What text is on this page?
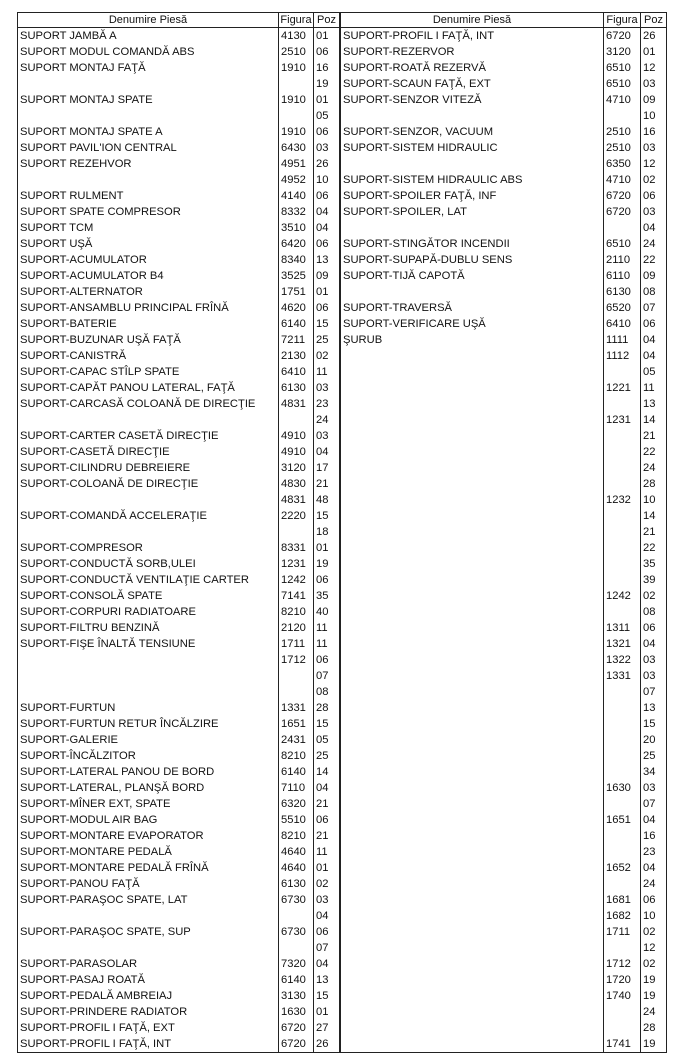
Denumire Piesă	Figura	Poz
SUPORT JAMBĂ A	4130	01
SUPORT MODUL COMANDĂ ABS	2510	06
SUPORT MONTAJ FAŢĂ	1910	16
		19
SUPORT MONTAJ SPATE	1910	01
		05
SUPORT MONTAJ SPATE A	1910	06
SUPORT PAVIL'ION CENTRAL	6430	03
SUPORT REZEHVOR	4951	26
	4952	10
SUPORT RULMENT	4140	06
SUPORT SPATE COMPRESOR	8332	04
SUPORT TCM	3510	04
SUPORT UŞĂ	6420	06
SUPORT-ACUMULATOR	8340	13
SUPORT-ACUMULATOR B4	3525	09
SUPORT-ALTERNATOR	1751	01
SUPORT-ANSAMBLU PRINCIPAL FRÎNĂ	4620	06
SUPORT-BATERIE	6140	15
SUPORT-BUZUNAR UŞĂ FAŢĂ	7211	25
SUPORT-CANISTRĂ	2130	02
SUPORT-CAPAC STÎLP SPATE	6410	11
SUPORT-CAPĂT PANOU LATERAL, FAŢĂ	6130	03
SUPORT-CARCASĂ COLOANĂ DE DIRECŢIE	4831	23
		24
SUPORT-CARTER CASETĂ DIRECŢIE	4910	03
SUPORT-CASETĂ DIRECŢIE	4910	04
SUPORT-CILINDRU DEBREIERE	3120	17
SUPORT-COLOANĂ DE DIRECŢIE	4830	21
	4831	48
SUPORT-COMANDĂ ACCELERAŢIE	2220	15
		18
SUPORT-COMPRESOR	8331	01
SUPORT-CONDUCTĂ SORB,ULEI	1231	19
SUPORT-CONDUCTĂ VENTILAŢIE CARTER	1242	06
SUPORT-CONSOLĂ SPATE	7141	35
SUPORT-CORPURI RADIATOARE	8210	40
SUPORT-FILTRU BENZINĂ	2120	11
SUPORT-FIŞE ÎNALTĂ TENSIUNE	1711	11
	1712	06
		07
		08
SUPORT-FURTUN	1331	28
SUPORT-FURTUN RETUR ÎNCĂLZIRE	1651	15
SUPORT-GALERIE	2431	05
SUPORT-ÎNCĂLZITOR	8210	25
SUPORT-LATERAL PANOU DE BORD	6140	14
SUPORT-LATERAL, PLANŞĂ BORD	7110	04
SUPORT-MÎNER EXT, SPATE	6320	21
SUPORT-MODUL AIR BAG	5510	06
SUPORT-MONTARE EVAPORATOR	8210	21
SUPORT-MONTARE PEDALĂ	4640	11
SUPORT-MONTARE PEDALĂ FRÎNĂ	4640	01
SUPORT-PANOU FAŢĂ	6130	02
SUPORT-PARAŞOC SPATE, LAT	6730	03
		04
SUPORT-PARAŞOC SPATE, SUP	6730	06
		07
SUPORT-PARASOLAR	7320	04
SUPORT-PASAJ ROATĂ	6140	13
SUPORT-PEDALĂ AMBREIAJ	3130	15
SUPORT-PRINDERE RADIATOR	1630	01
SUPORT-PROFIL I FAŢĂ, EXT	6720	27
SUPORT-PROFIL I FAŢĂ, INT	6720	26
Denumire Piesă	Figura	Poz
SUPORT-PROFIL I FAŢĂ, INT	6720	26
SUPORT-REZERVOR	3120	01
SUPORT-ROATĂ REZERVĂ	6510	12
SUPORT-SCAUN FAŢĂ, EXT	6510	03
SUPORT-SENZOR VITEZĂ	4710	09
		10
SUPORT-SENZOR, VACUUM	2510	16
SUPORT-SISTEM HIDRAULIC	2510	03
	6350	12
SUPORT-SISTEM HIDRAULIC ABS	4710	02
SUPORT-SPOILER FAŢĂ, INF	6720	06
SUPORT-SPOILER, LAT	6720	03
		04
SUPORT-STINGĂTOR INCENDII	6510	24
SUPORT-SUPAPĂ-DUBLU SENS	2110	22
SUPORT-TIJĂ CAPOTĂ	6110	09
	6130	08
SUPORT-TRAVERSĂ	6520	07
SUPORT-VERIFICARE UŞĂ	6410	06
ŞURUB	1111	04
	1112	04
		05
	1221	11
		13
	1231	14
		21
		22
		24
		28
	1232	10
		14
		21
		22
		35
		39
	1242	02
		08
	1311	06
	1321	04
	1322	03
	1331	03
		07
		13
		15
		20
		25
		34
	1630	03
		07
	1651	04
		16
		23
	1652	04
		24
	1681	06
	1682	10
	1711	02
		12
	1712	02
	1720	19
	1740	19
		24
		28
	1741	19
